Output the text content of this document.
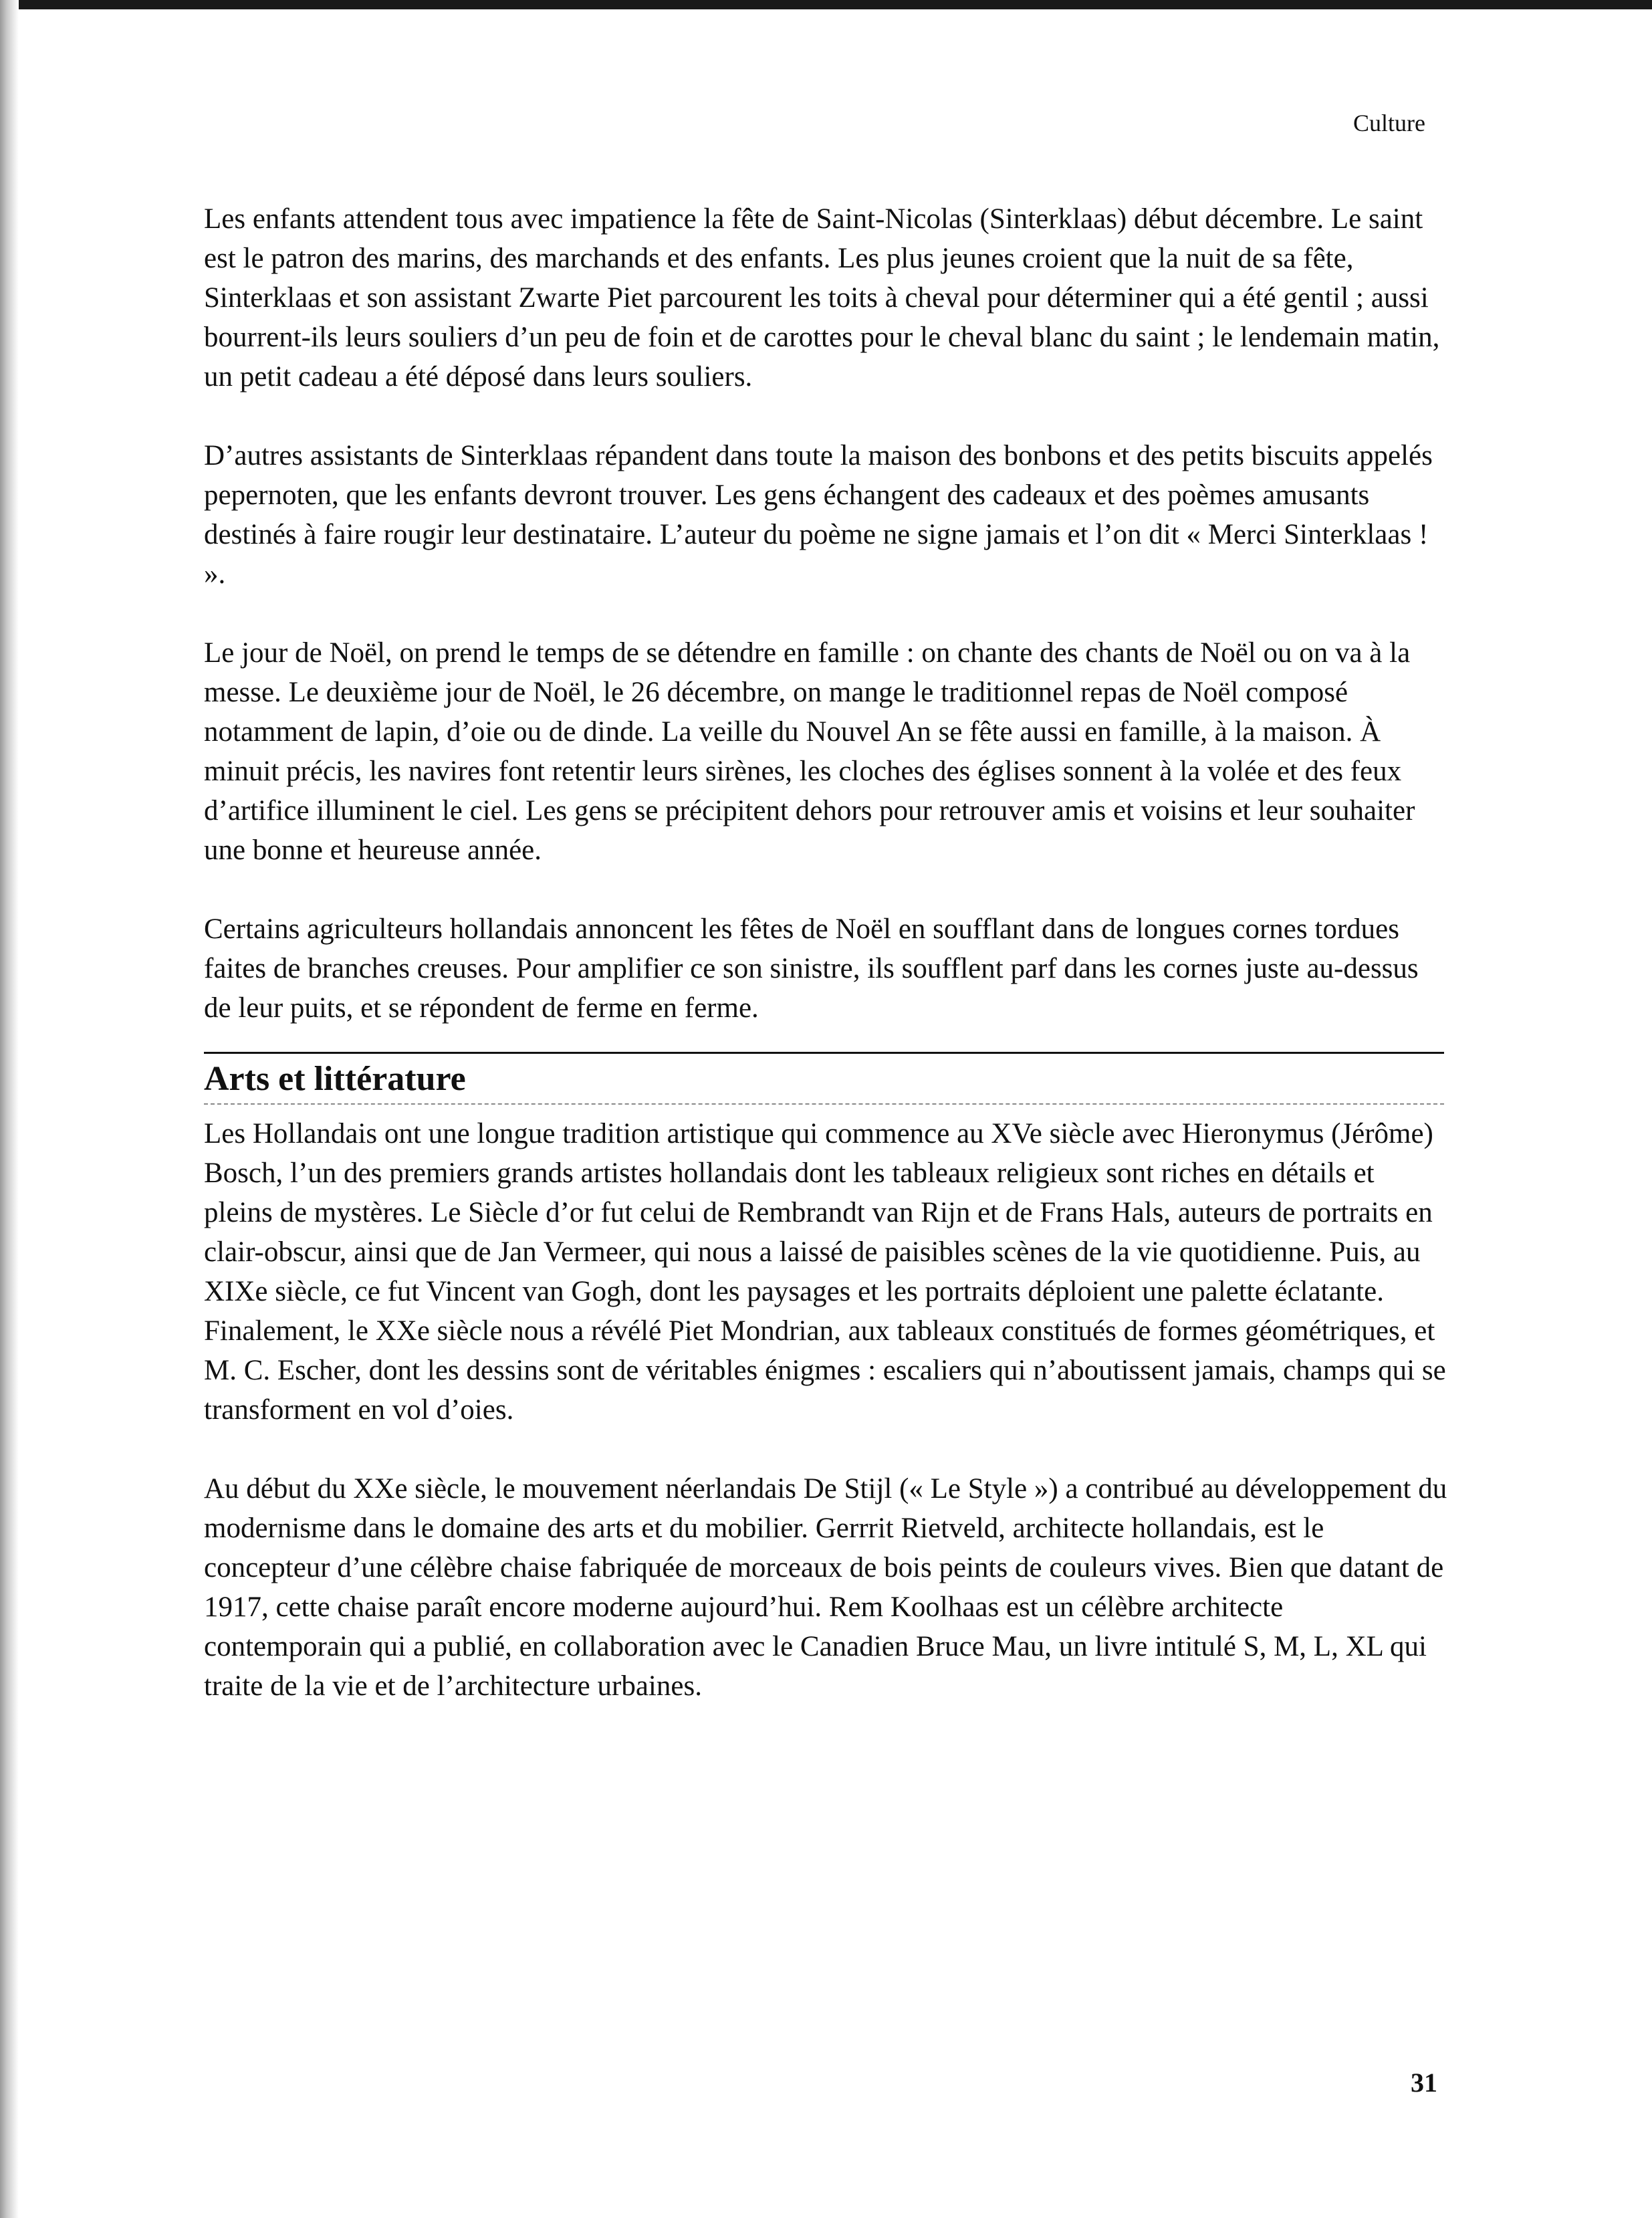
Culture

Les enfants attendent tous avec impatience la fête de Saint-Nicolas (Sinterklaas) début décembre. Le saint est le patron des marins, des marchands et des enfants. Les plus jeunes croient que la nuit de sa fête, Sinterklaas et son assistant Zwarte Piet parcourent les toits à cheval pour déterminer qui a été gentil ; aussi bourrent-ils leurs souliers d’un peu de foin et de carottes pour le cheval blanc du saint ; le lendemain matin, un petit cadeau a été déposé dans leurs souliers.

D’autres assistants de Sinterklaas répandent dans toute la maison des bonbons et des petits biscuits appelés pepernoten, que les enfants devront trouver. Les gens échangent des cadeaux et des poèmes amusants destinés à faire rougir leur destinataire. L’auteur du poème ne signe jamais et l’on dit « Merci Sinterklaas ! ».

Le jour de Noël, on prend le temps de se détendre en famille : on chante des chants de Noël ou on va à la messe. Le deuxième jour de Noël, le 26 décembre, on mange le traditionnel repas de Noël composé notamment de lapin, d’oie ou de dinde. La veille du Nouvel An se fête aussi en famille, à la maison. À minuit précis, les navires font retentir leurs sirènes, les cloches des églises sonnent à la volée et des feux d’artifice illuminent le ciel. Les gens se précipitent dehors pour retrouver amis et voisins et leur souhaiter une bonne et heureuse année.

Certains agriculteurs hollandais annoncent les fêtes de Noël en soufflant dans de longues cornes tordues faites de branches creuses. Pour amplifier ce son sinistre, ils soufflent parf dans les cornes juste au-dessus de leur puits, et se répondent de ferme en ferme.

Arts et littérature

Les Hollandais ont une longue tradition artistique qui commence au XVe siècle avec Hieronymus (Jérôme) Bosch, l’un des premiers grands artistes hollandais dont les tableaux religieux sont riches en détails et pleins de mystères. Le Siècle d’or fut celui de Rembrandt van Rijn et de Frans Hals, auteurs de portraits en clair-obscur, ainsi que de Jan Vermeer, qui nous a laissé de paisibles scènes de la vie quotidienne. Puis, au XIXe siècle, ce fut Vincent van Gogh, dont les paysages et les portraits déploient une palette éclatante. Finalement, le XXe siècle nous a révélé Piet Mondrian, aux tableaux constitués de formes géométriques, et M. C. Escher, dont les dessins sont de véritables énigmes : escaliers qui n’aboutissent jamais, champs qui se transforment en vol d’oies.

Au début du XXe siècle, le mouvement néerlandais De Stijl (« Le Style ») a contribué au développement du modernisme dans le domaine des arts et du mobilier. Gerrrit Rietveld, architecte hollandais, est le concepteur d’une célèbre chaise fabriquée de morceaux de bois peints de couleurs vives. Bien que datant de 1917, cette chaise paraît encore moderne aujourd’hui. Rem Koolhaas est un célèbre architecte contemporain qui a publié, en collaboration avec le Canadien Bruce Mau, un livre intitulé S, M, L, XL qui traite de la vie et de l’architecture urbaines.

31
